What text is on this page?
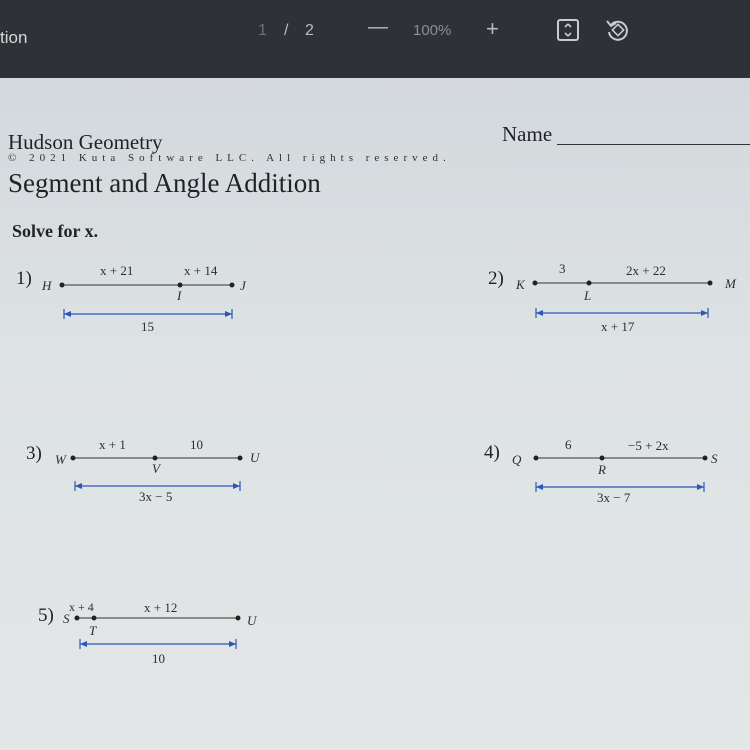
tion	1 / 2	— 100% +
Hudson Geometry
© 2021 Kuta Software LLC. All rights reserved.
Name
Segment and Angle Addition
Solve for x.
1) H
x + 21	x + 14
I
J
15
2) K
3	2x + 22
L
M
x + 17
3) W
x + 1	10
V
U
3x − 5
4) Q
6	−5 + 2x
R
S
3x − 7
5) S
x + 4	x + 12
T
U
10
